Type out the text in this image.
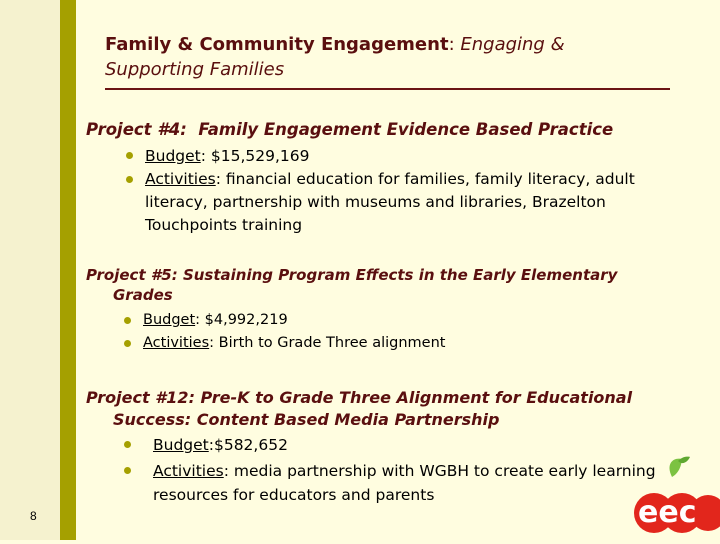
Family & Community Engagement: Engaging & Supporting Families
Project #4: Family Engagement Evidence Based Practice
Budget: $15,529,169
Activities: financial education for families, family literacy, adult literacy, partnership with museums and libraries, Brazelton Touchpoints training
Project #5: Sustaining Program Effects in the Early Elementary Grades
Budget: $4,992,219
Activities: Birth to Grade Three alignment
Project #12: Pre-K to Grade Three Alignment for Educational Success: Content Based Media Partnership
Budget:$582,652
Activities: media partnership with WGBH to create early learning resources for educators and parents
8	eec
